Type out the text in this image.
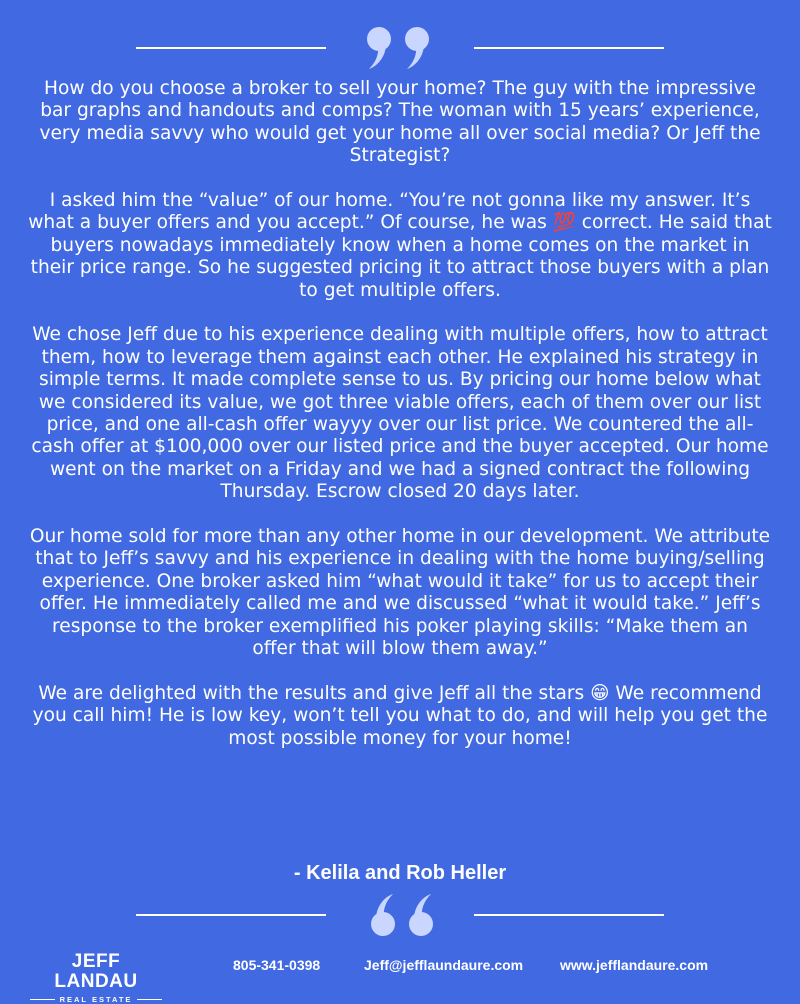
How do you choose a broker to sell your home? The guy with the impressive bar graphs and handouts and comps? The woman with 15 years’ experience, very media savvy who would get your home all over social media? Or Jeff the Strategist?

I asked him the “value” of our home. “You’re not gonna like my answer. It’s what a buyer offers and you accept.” Of course, he was 💯 correct. He said that buyers nowadays immediately know when a home comes on the market in their price range. So he suggested pricing it to attract those buyers with a plan to get multiple offers.

We chose Jeff due to his experience dealing with multiple offers, how to attract them, how to leverage them against each other. He explained his strategy in simple terms. It made complete sense to us. By pricing our home below what we considered its value, we got three viable offers, each of them over our list price, and one all-cash offer wayyy over our list price. We countered the all-cash offer at $100,000 over our listed price and the buyer accepted. Our home went on the market on a Friday and we had a signed contract the following Thursday. Escrow closed 20 days later.

Our home sold for more than any other home in our development. We attribute that to Jeff’s savvy and his experience in dealing with the home buying/selling experience. One broker asked him “what would it take” for us to accept their offer. He immediately called me and we discussed “what it would take.” Jeff’s response to the broker exemplified his poker playing skills: “Make them an offer that will blow them away.”

We are delighted with the results and give Jeff all the stars 😁 We recommend you call him! He is low key, won’t tell you what to do, and will help you get the most possible money for your home!

- Kelila and Rob Heller
JEFF LANDAU
REAL ESTATE
805-341-0398	Jeff@jefflaundaure.com	www.jefflandaure.com
